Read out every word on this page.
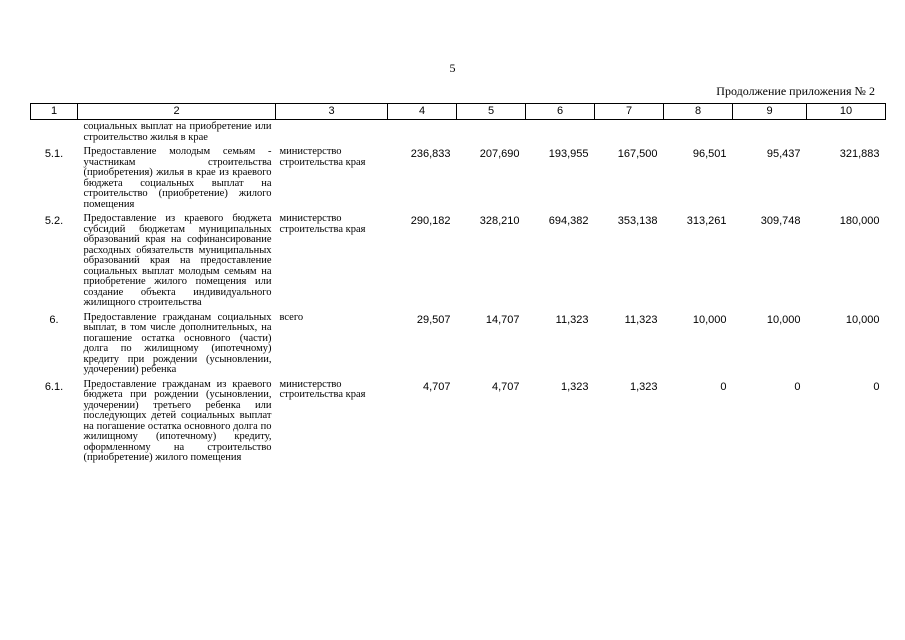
5
Продолжение приложения № 2
1	2	3	4	5	6	7	8	9	10
	социальных выплат на приобретение или строительство жилья в крае								
5.1.	Предоставление молодым семьям - участникам строительства (приобретения) жилья в крае из краевого бюджета социальных выплат на строительство (приобретение) жилого помещения	министерство строительства края	236,833	207,690	193,955	167,500	96,501	95,437	321,883
5.2.	Предоставление из краевого бюджета субсидий бюджетам муниципальных образований края на софинансирование расходных обязательств муниципальных образований края на предоставление социальных выплат молодым семьям на приобретение жилого помещения или создание объекта индивидуального жилищного строительства	министерство строительства края	290,182	328,210	694,382	353,138	313,261	309,748	180,000
6.	Предоставление гражданам социальных выплат, в том числе дополнительных, на погашение остатка основного (части) долга по жилищному (ипотечному) кредиту при рождении (усыновлении, удочерении) ребенка	всего	29,507	14,707	11,323	11,323	10,000	10,000	10,000
6.1.	Предоставление гражданам из краевого бюджета при рождении (усыновлении, удочерении) третьего ребенка или последующих детей социальных выплат на погашение остатка основного долга по жилищному (ипотечному) кредиту, оформленному на строительство (приобретение) жилого помещения	министерство строительства края	4,707	4,707	1,323	1,323	0	0	0
